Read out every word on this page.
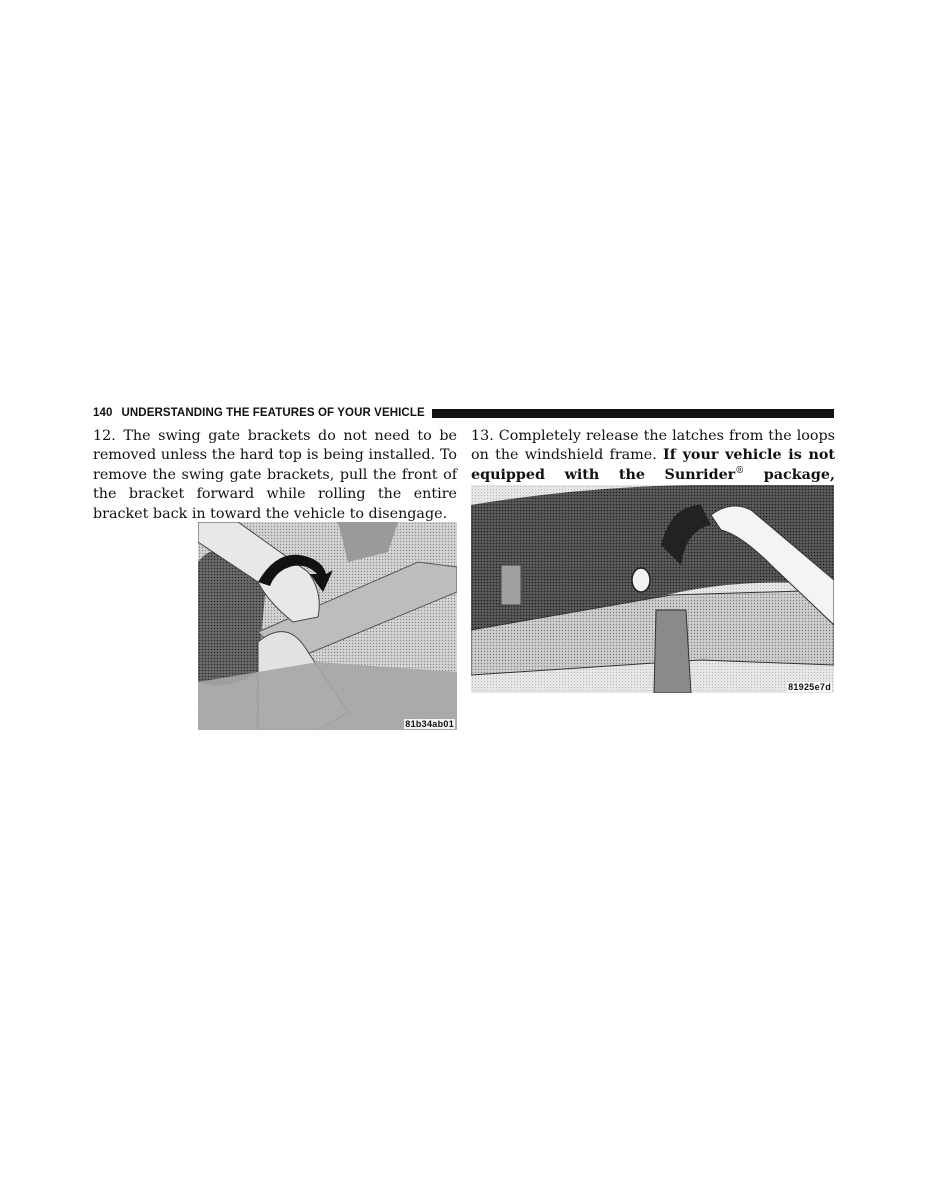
140 UNDERSTANDING THE FEATURES OF YOUR VEHICLE

12. The swing gate brackets do not need to be removed unless the hard top is being installed. To remove the swing gate brackets, pull the front of the bracket forward while rolling the entire bracket back in toward the vehicle to disengage.

13. Completely release the latches from the loops on the windshield frame. If your vehicle is not equipped with the Sunrider® package,

81b34ab01
81925e7d
